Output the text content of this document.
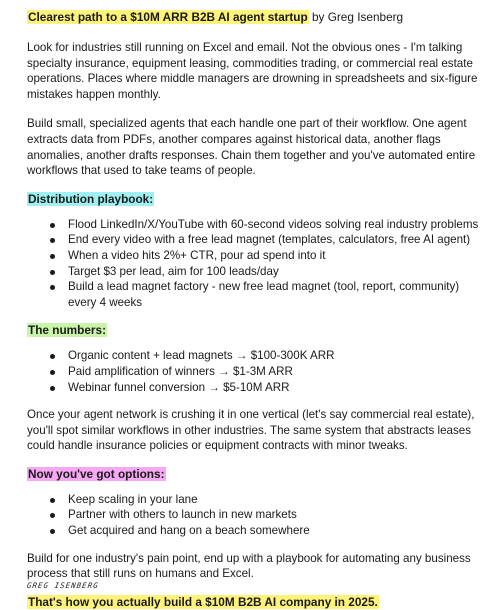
Clearest path to a $10M ARR B2B AI agent startup by Greg Isenberg

Look for industries still running on Excel and email. Not the obvious ones - I'm talking specialty insurance, equipment leasing, commodities trading, or commercial real estate operations. Places where middle managers are drowning in spreadsheets and six-figure mistakes happen monthly.

Build small, specialized agents that each handle one part of their workflow. One agent extracts data from PDFs, another compares against historical data, another flags anomalies, another drafts responses. Chain them together and you've automated entire workflows that used to take teams of people.

Distribution playbook:

Flood LinkedIn/X/YouTube with 60-second videos solving real industry problems
End every video with a free lead magnet (templates, calculators, free AI agent)
When a video hits 2%+ CTR, pour ad spend into it
Target $3 per lead, aim for 100 leads/day
Build a lead magnet factory - new free lead magnet (tool, report, community) every 4 weeks

The numbers:

Organic content + lead magnets → $100-300K ARR
Paid amplification of winners → $1-3M ARR
Webinar funnel conversion → $5-10M ARR

Once your agent network is crushing it in one vertical (let's say commercial real estate), you'll spot similar workflows in other industries. The same system that abstracts leases could handle insurance policies or equipment contracts with minor tweaks.

Now you've got options:

Keep scaling in your lane
Partner with others to launch in new markets
Get acquired and hang on a beach somewhere

Build for one industry's pain point, end up with a playbook for automating any business process that still runs on humans and Excel.

That's how you actually build a $10M B2B AI company in 2025.

GREG ISENBERG
